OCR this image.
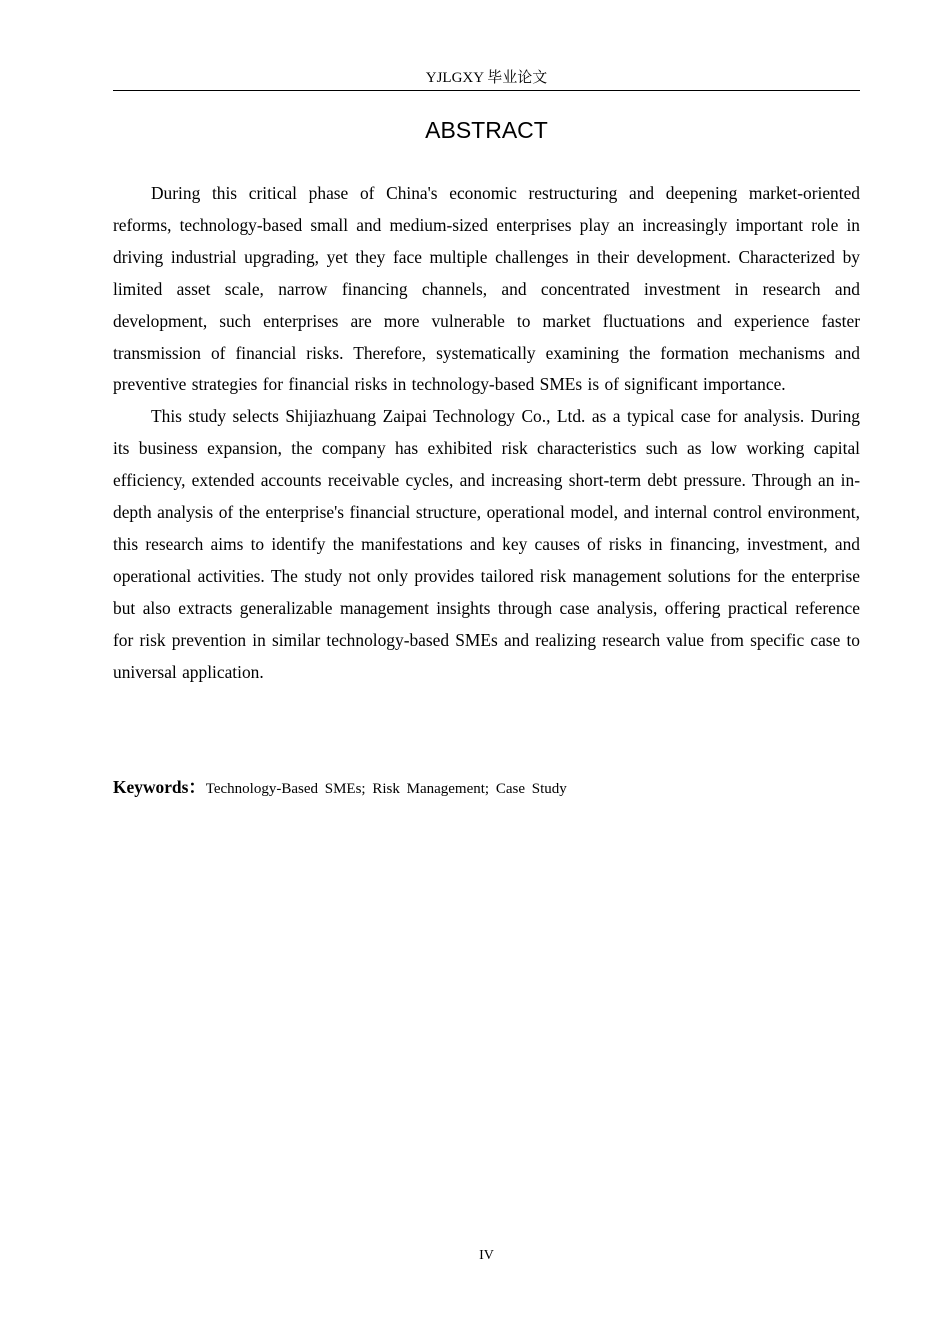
YJLGXY 毕业论文
ABSTRACT

During this critical phase of China's economic restructuring and deepening market-oriented reforms, technology-based small and medium-sized enterprises play an increasingly important role in driving industrial upgrading, yet they face multiple challenges in their development. Characterized by limited asset scale, narrow financing channels, and concentrated investment in research and development, such enterprises are more vulnerable to market fluctuations and experience faster transmission of financial risks. Therefore, systematically examining the formation mechanisms and preventive strategies for financial risks in technology-based SMEs is of significant importance.

This study selects Shijiazhuang Zaipai Technology Co., Ltd. as a typical case for analysis. During its business expansion, the company has exhibited risk characteristics such as low working capital efficiency, extended accounts receivable cycles, and increasing short-term debt pressure. Through an in-depth analysis of the enterprise's financial structure, operational model, and internal control environment, this research aims to identify the manifestations and key causes of risks in financing, investment, and operational activities. The study not only provides tailored risk management solutions for the enterprise but also extracts generalizable management insights through case analysis, offering practical reference for risk prevention in similar technology-based SMEs and realizing research value from specific case to universal application.

Keywords：Technology-Based SMEs; Risk Management; Case Study
IV
